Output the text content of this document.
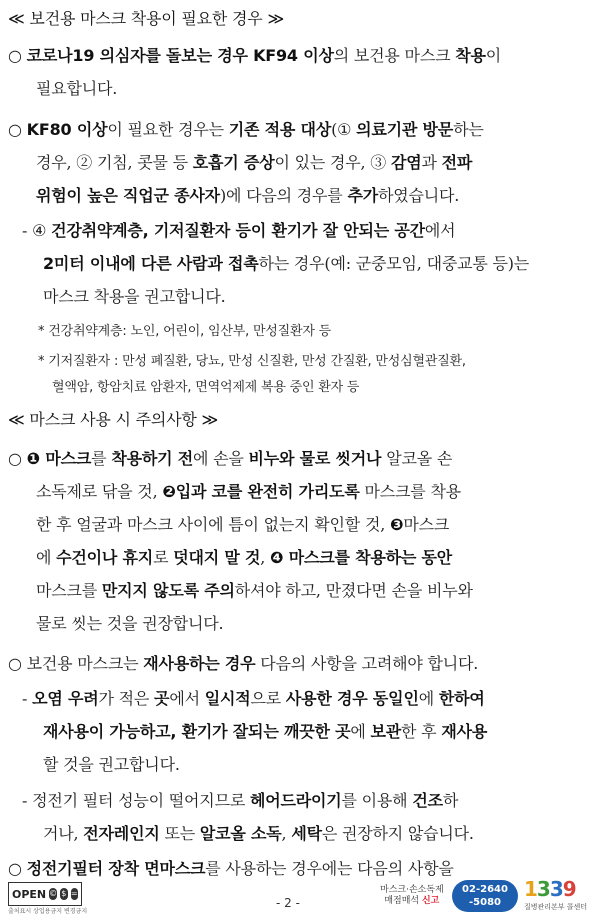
≪ 보건용 마스크 착용이 필요한 경우 ≫
○ 코로나19 의심자를 돌보는 경우 KF94 이상의 보건용 마스크 착용이
필요합니다.
○ KF80 이상이 필요한 경우는 기존 적용 대상(① 의료기관 방문하는
경우, ② 기침, 콧물 등 호흡기 증상이 있는 경우, ③ 감염과 전파
위험이 높은 직업군 종사자)에 다음의 경우를 추가하였습니다.
- ④ 건강취약계층, 기저질환자 등이 환기가 잘 안되는 공간에서
2미터 이내에 다른 사람과 접촉하는 경우(예: 군중모임, 대중교통 등)는
마스크 착용을 권고합니다.
* 건강취약계층: 노인, 어린이, 임산부, 만성질환자 등
* 기저질환자 : 만성 폐질환, 당뇨, 만성 신질환, 만성 간질환, 만성심혈관질환,
혈액암, 항암치료 암환자, 면역억제제 복용 중인 환자 등
≪ 마스크 사용 시 주의사항 ≫
○ ❶ 마스크를 착용하기 전에 손을 비누와 물로 씻거나 알코올 손
소독제로 닦을 것, ❷입과 코를 완전히 가리도록 마스크를 착용
한 후 얼굴과 마스크 사이에 틈이 없는지 확인할 것, ❸마스크
에 수건이나 휴지로 덧대지 말 것, ❹ 마스크를 착용하는 동안
마스크를 만지지 않도록 주의하셔야 하고, 만졌다면 손을 비누와
물로 씻는 것을 권장합니다.
○ 보건용 마스크는 재사용하는 경우 다음의 사항을 고려해야 합니다.
- 오염 우려가 적은 곳에서 일시적으로 사용한 경우 동일인에 한하여
재사용이 가능하고, 환기가 잘되는 깨끗한 곳에 보관한 후 재사용
할 것을 권고합니다.
- 정전기 필터 성능이 떨어지므로 헤어드라이기를 이용해 건조하
거나, 전자레인지 또는 알코올 소독, 세탁은 권장하지 않습니다.
○ 정전기필터 장착 면마스크를 사용하는 경우에는 다음의 사항을
OPEN © $ =
출처표시 상업용금지 변경금지
- 2 -
마스크·손소독제
매점매석 신고
02-2640
-5080
1339
질병관리본부 콜센터
